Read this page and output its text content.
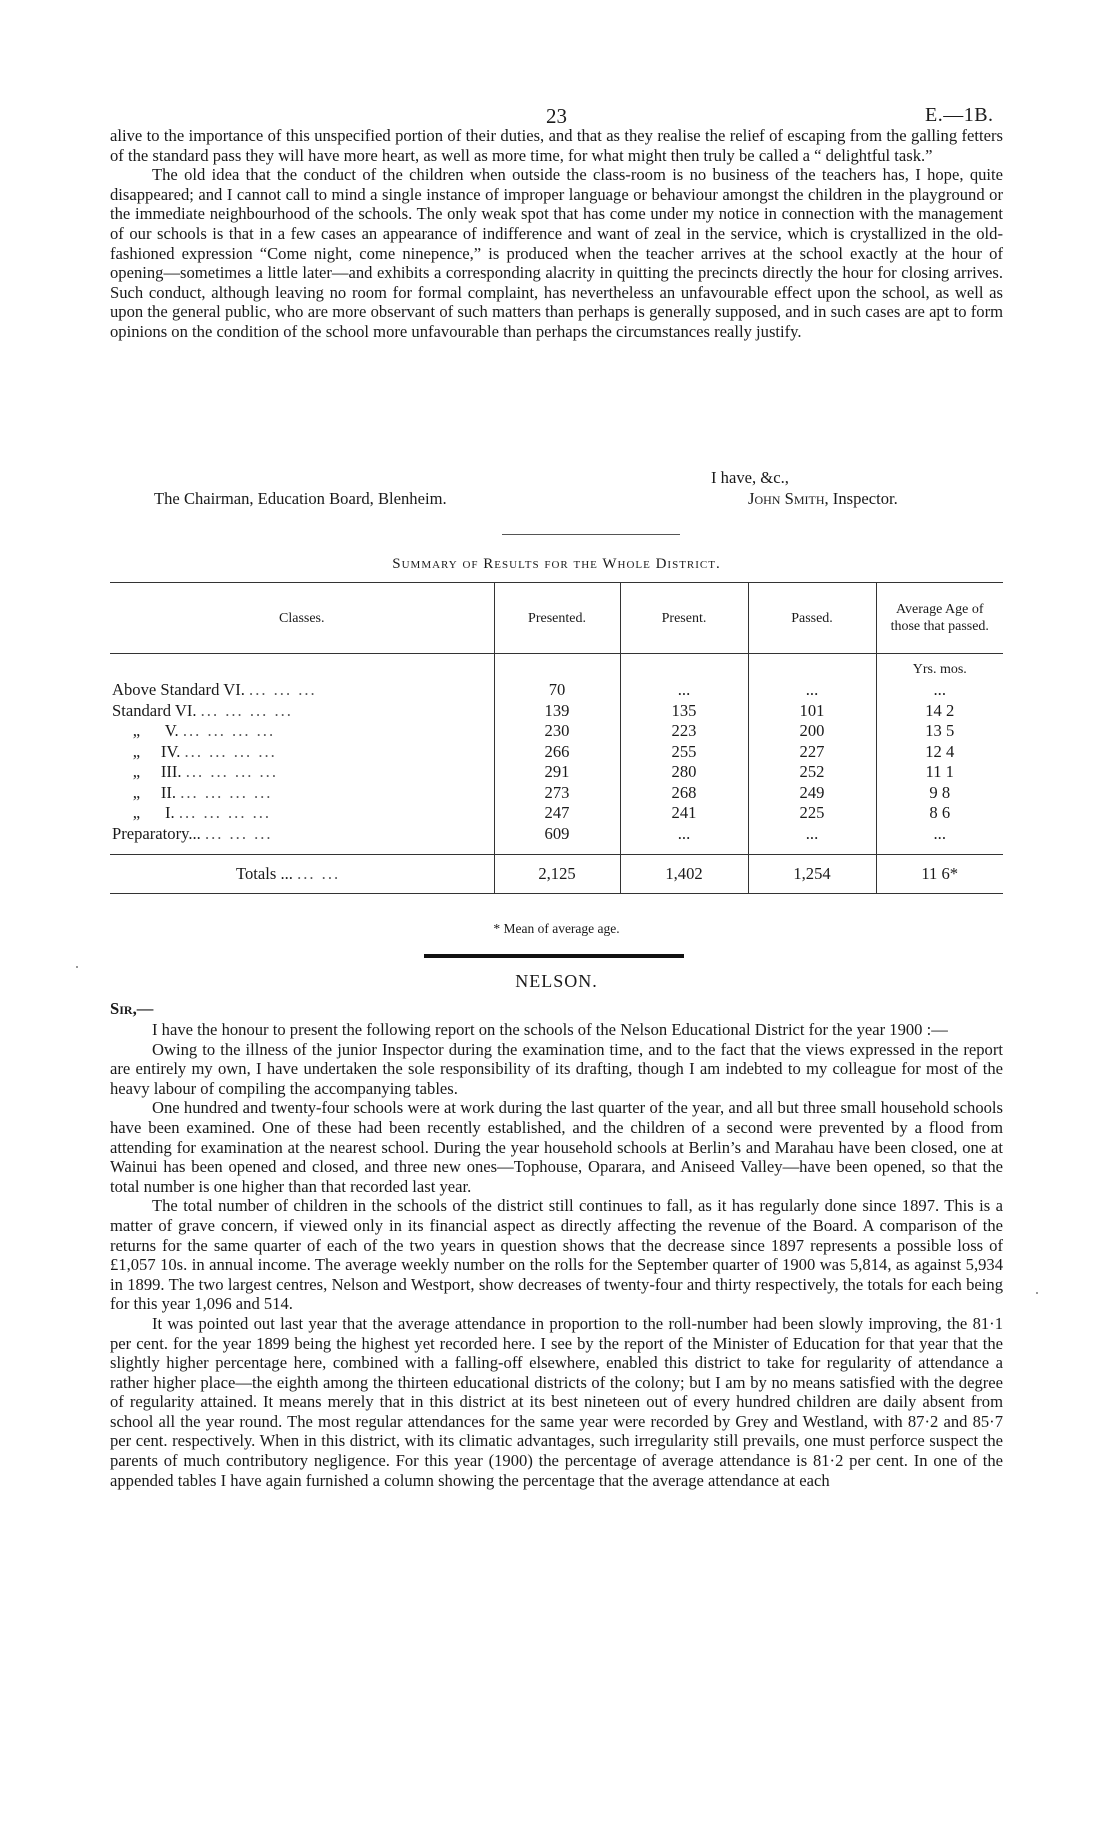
23	E.—1B.

alive to the importance of this unspecified portion of their duties, and that as they realise the relief of escaping from the galling fetters of the standard pass they will have more heart, as well as more time, for what might then truly be called a “ delightful task.”

The old idea that the conduct of the children when outside the class-room is no business of the teachers has, I hope, quite disappeared; and I cannot call to mind a single instance of improper language or behaviour amongst the children in the playground or the immediate neighbourhood of the schools. The only weak spot that has come under my notice in connection with the management of our schools is that in a few cases an appearance of indifference and want of zeal in the service, which is crystallized in the old-fashioned expression “Come night, come ninepence,” is produced when the teacher arrives at the school exactly at the hour of opening—sometimes a little later—and exhibits a corresponding alacrity in quitting the precincts directly the hour for closing arrives. Such conduct, although leaving no room for formal complaint, has nevertheless an unfavourable effect upon the school, as well as upon the general public, who are more observant of such matters than perhaps is generally supposed, and in such cases are apt to form opinions on the condition of the school more unfavourable than perhaps the circumstances really justify.

I have, &c.,
The Chairman, Education Board, Blenheim.	John Smith, Inspector.
Summary of Results for the Whole District.
Classes.	Presented.	Present.	Passed.	Average Age of those that passed.
				Yrs. mos.
Above Standard VI. ... ... ...	70	...	...	...
Standard VI. ... ... ... ...	139	135	101	14 2
„      V. ... ... ... ...	230	223	200	13 5
„     IV. ... ... ... ...	266	255	227	12 4
„     III. ... ... ... ...	291	280	252	11 1
„     II. ... ... ... ...	273	268	249	9 8
„      I. ... ... ... ...	247	241	225	8 6
Preparatory... ... ... ...	609	...	...	...

Totals ... ... ...	2,125	1,402	1,254	11 6*
* Mean of average age.
NELSON.
Sir,—

I have the honour to present the following report on the schools of the Nelson Educational District for the year 1900 :—

Owing to the illness of the junior Inspector during the examination time, and to the fact that the views expressed in the report are entirely my own, I have undertaken the sole responsibility of its drafting, though I am indebted to my colleague for most of the heavy labour of compiling the accompanying tables.

One hundred and twenty-four schools were at work during the last quarter of the year, and all but three small household schools have been examined. One of these had been recently established, and the children of a second were prevented by a flood from attending for examination at the nearest school. During the year household schools at Berlin’s and Marahau have been closed, one at Wainui has been opened and closed, and three new ones—Tophouse, Oparara, and Aniseed Valley—have been opened, so that the total number is one higher than that recorded last year.

The total number of children in the schools of the district still continues to fall, as it has regularly done since 1897. This is a matter of grave concern, if viewed only in its financial aspect as directly affecting the revenue of the Board. A comparison of the returns for the same quarter of each of the two years in question shows that the decrease since 1897 represents a possible loss of £1,057 10s. in annual income. The average weekly number on the rolls for the September quarter of 1900 was 5,814, as against 5,934 in 1899. The two largest centres, Nelson and Westport, show decreases of twenty-four and thirty respectively, the totals for each being for this year 1,096 and 514.

It was pointed out last year that the average attendance in proportion to the roll-number had been slowly improving, the 81·1 per cent. for the year 1899 being the highest yet recorded here. I see by the report of the Minister of Education for that year that the slightly higher percentage here, combined with a falling-off elsewhere, enabled this district to take for regularity of attendance a rather higher place—the eighth among the thirteen educational districts of the colony; but I am by no means satisfied with the degree of regularity attained. It means merely that in this district at its best nineteen out of every hundred children are daily absent from school all the year round. The most regular attendances for the same year were recorded by Grey and Westland, with 87·2 and 85·7 per cent. respectively. When in this district, with its climatic advantages, such irregularity still prevails, one must perforce suspect the parents of much contributory negligence. For this year (1900) the percentage of average attendance is 81·2 per cent. In one of the appended tables I have again furnished a column showing the percentage that the average attendance at each
